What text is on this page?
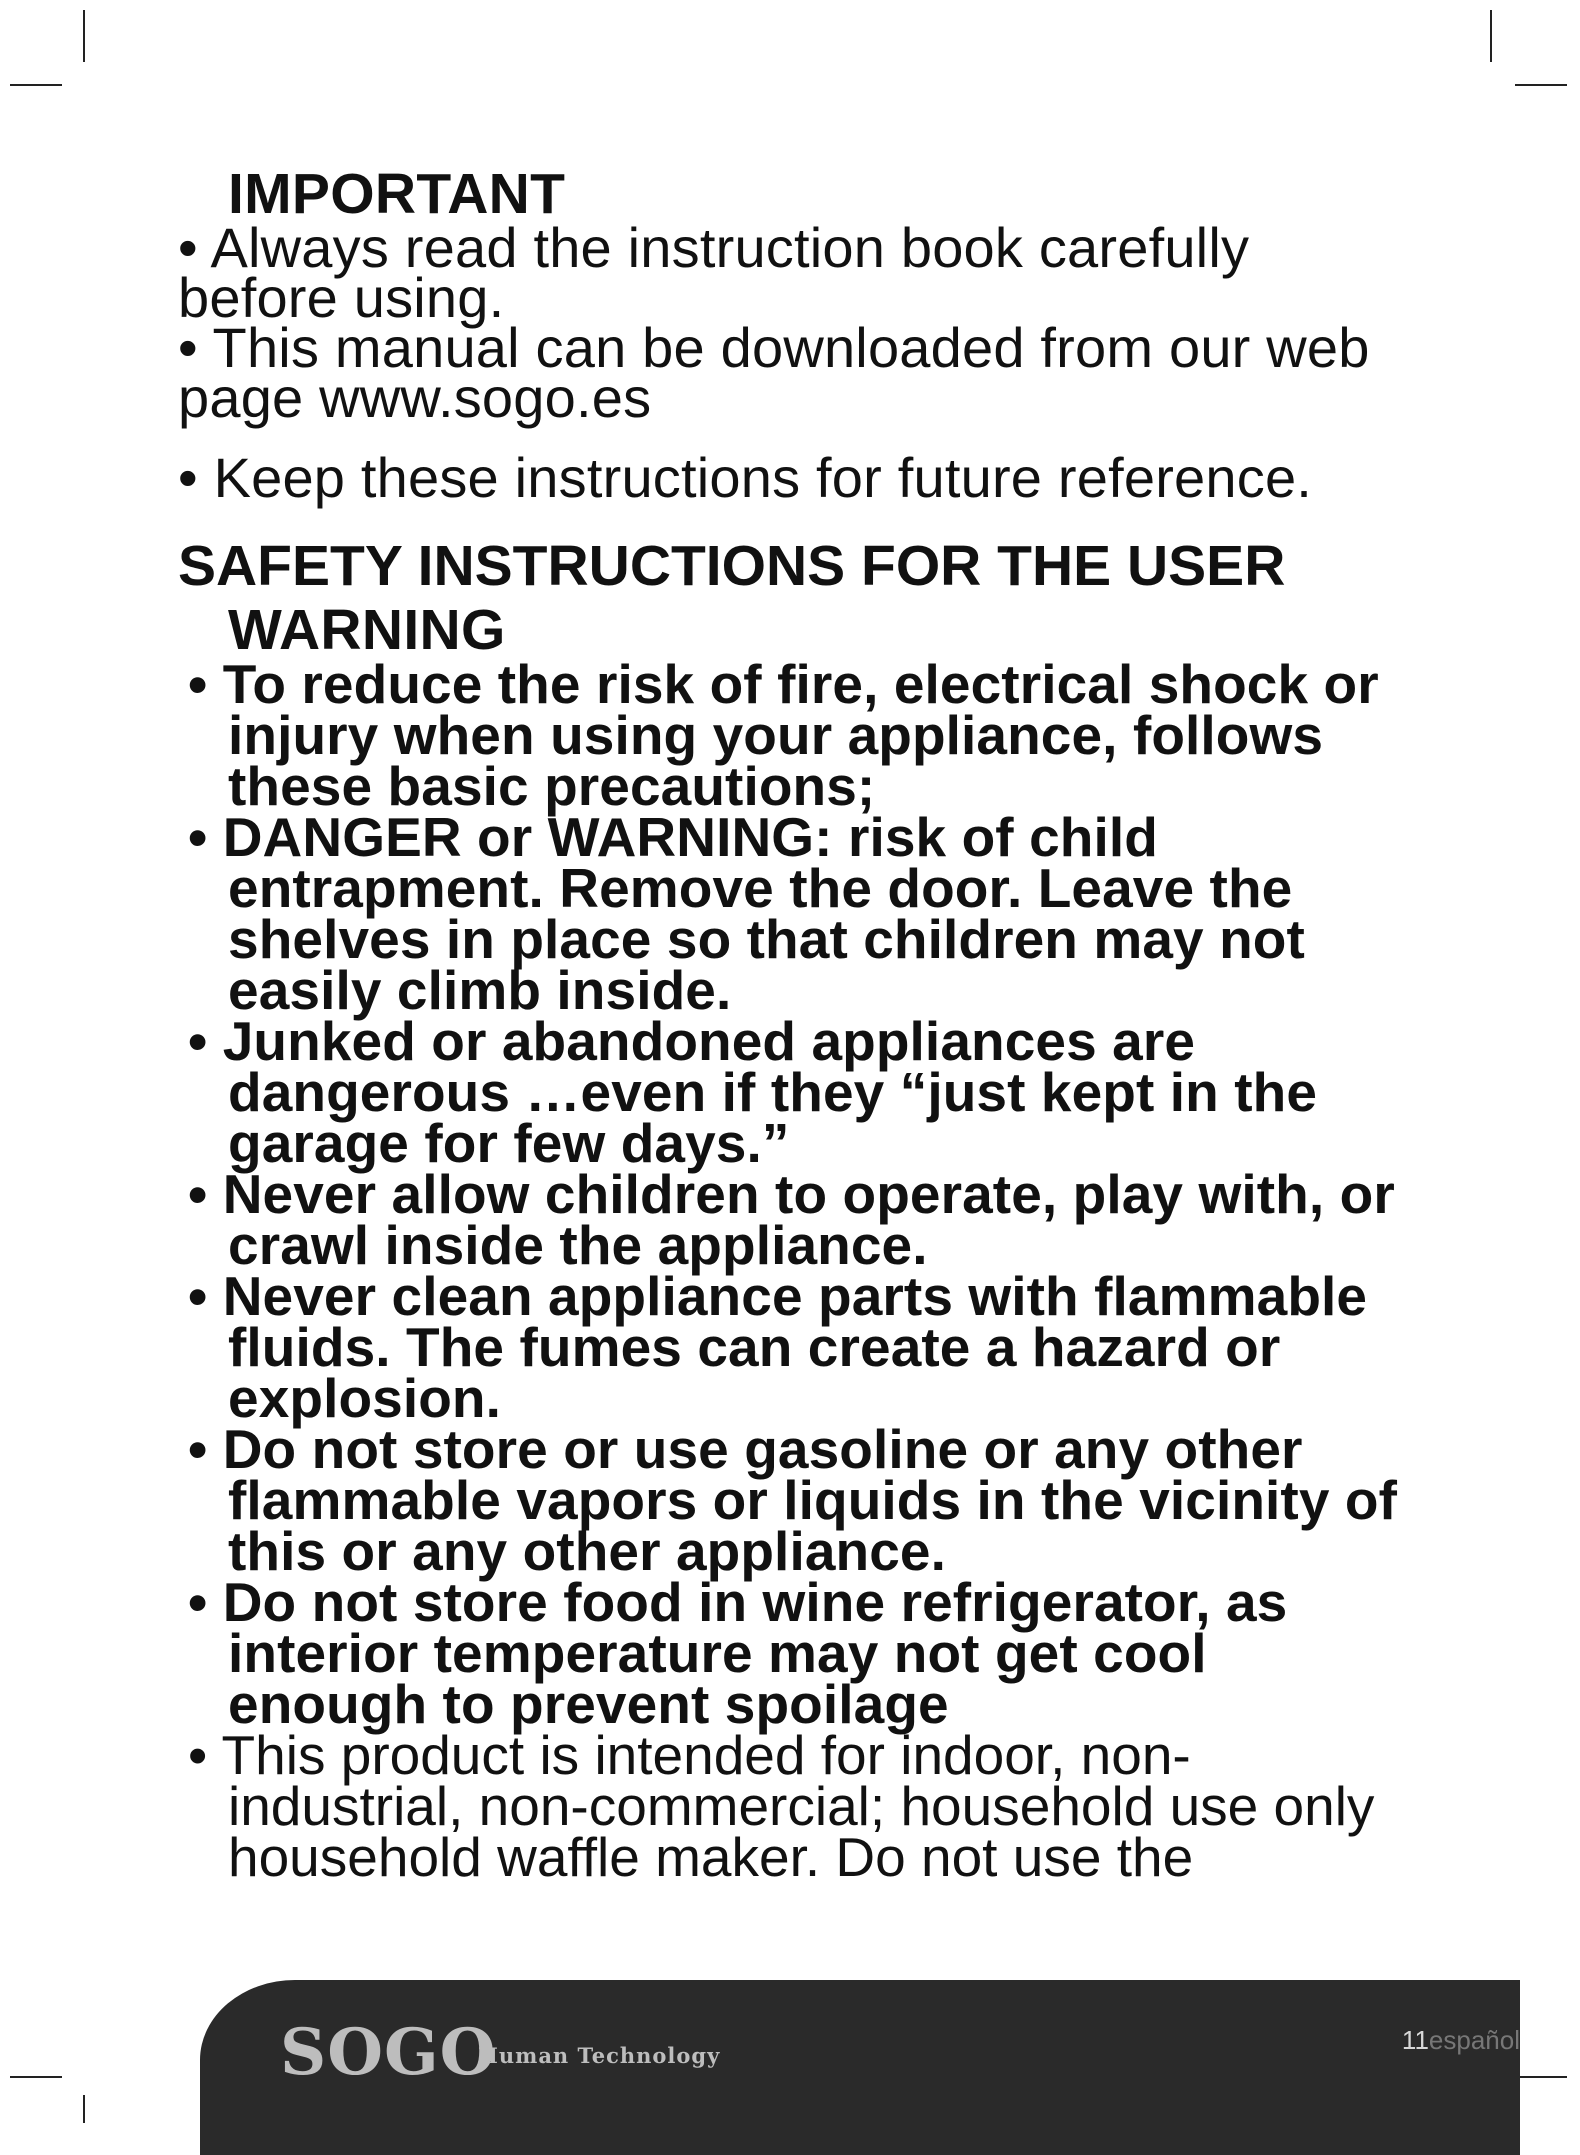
IMPORTANT

• Always read the instruction book carefully before using.

• This manual can be downloaded from our web page www.sogo.es

• Keep these instructions for future reference.

SAFETY INSTRUCTIONS FOR THE USER
WARNING

• To reduce the risk of fire, electrical shock or injury when using your appliance, follows these basic precautions;

• DANGER or WARNING: risk of child entrapment. Remove the door. Leave the shelves in place so that children may not easily climb inside.

• Junked or abandoned appliances are dangerous …even if they “just kept in the garage for few days.”

• Never allow children to operate, play with, or crawl inside the appliance.

• Never clean appliance parts with flammable fluids. The fumes can create a hazard or explosion.

• Do not store or use gasoline or any other flammable vapors or liquids in the vicinity of this or any other appliance.

• Do not store food in wine refrigerator, as interior temperature may not get cool enough to prevent spoilage

• This product is intended for indoor, non-industrial, non-commercial; household use only household waffle maker. Do not use the

SOGO
Human Technology
11español
